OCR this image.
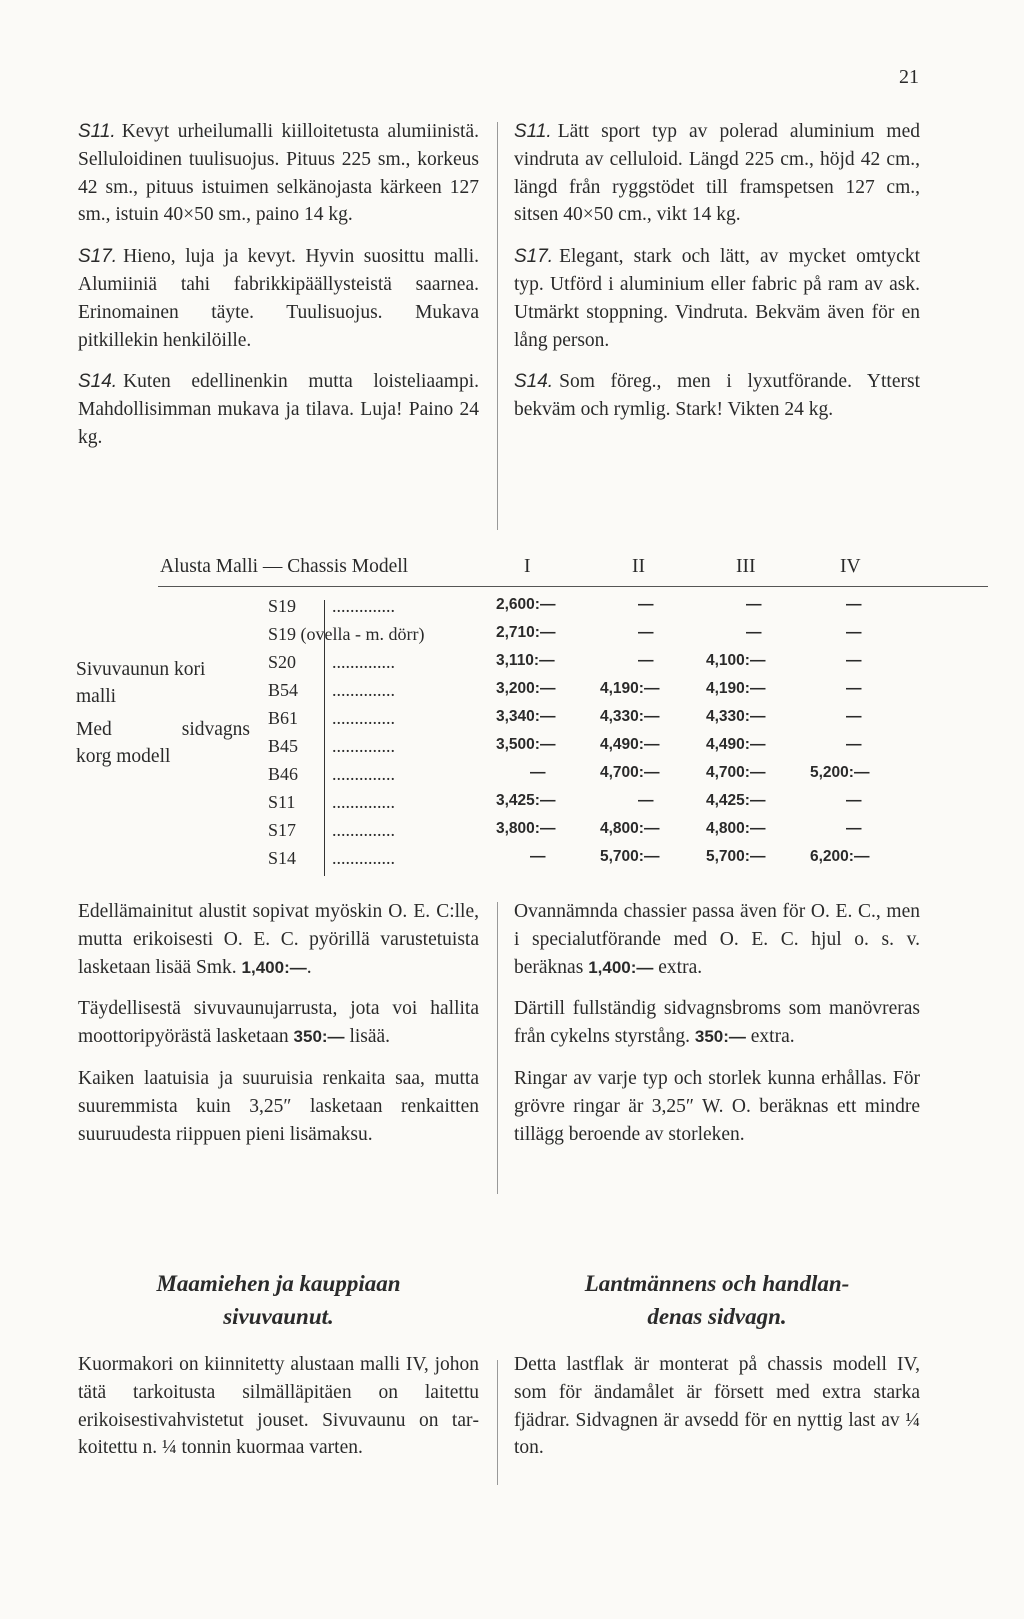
21

S11. Kevyt urheilumalli kiilloitetusta alumiinistä. Selluloidinen tuulisuojus. Pituus 225 sm., korkeus 42 sm., pituus istuimen selkänojasta kärkeen 127 sm., istuin 40×50 sm., paino 14 kg.

S17. Hieno, luja ja kevyt. Hyvin suosittu malli. Alumiiniä tahi fabrikkipäällysteistä saarnea. Erinomainen täyte. Tuulisuojus. Mukava pitkillekin henkilöille.

S14. Kuten edellinenkin mutta loisteliaampi. Mahdollisimman mukava ja tilava. Luja! Paino 24 kg.

S11. Lätt sport typ av polerad aluminium med vindruta av celluloid. Längd 225 cm., höjd 42 cm., längd från ryggstödet till framspetsen 127 cm., sitsen 40×50 cm., vikt 14 kg.

S17. Elegant, stark och lätt, av mycket omtyckt typ. Utförd i aluminium eller fabric på ram av ask. Utmärkt stoppning. Vindruta. Bekväm även för en lång person.

S14. Som föreg., men i lyxutförande. Ytterst bekväm och rymlig. Stark! Vikten 24 kg.

Alusta Malli — Chassis Modell	I	II	III	IV
Sivuvaunun kori
malli
Med sidvagns
korg modell
S19 ..............	2,600:—	—	—	—
S19 (ovella - m. dörr)	2,710:—	—	—	—
S20 ..............	3,110:—	—	4,100:—	—
B54 ..............	3,200:—	4,190:—	4,190:—	—
B61 ..............	3,340:—	4,330:—	4,330:—	—
B45 ..............	3,500:—	4,490:—	4,490:—	—
B46 ..............	—	4,700:—	4,700:—	5,200:—
S11 ..............	3,425:—	—	4,425:—	—
S17 ..............	3,800:—	4,800:—	4,800:—	—
S14 ..............	—	5,700:—	5,700:—	6,200:—

Edellämainitut alustit sopivat myöskin O. E. C:lle, mutta erikoisesti O. E. C. pyörillä varustetuista lasketaan lisää Smk. 1,400:—.

Täydellisestä sivuvaunujarrusta, jota voi hallita moottoripyörästä lasketaan 350:— lisää.

Kaiken laatuisia ja suuruisia renkaita saa, mutta suuremmista kuin 3,25″ lasketaan renkaitten suuruudesta riippuen pieni lisämaksu.

Ovannämnda chassier passa även för O. E. C., men i specialutförande med O. E. C. hjul o. s. v. beräknas 1,400:— extra.

Därtill fullständig sidvagnsbroms som manövreras från cykelns styrstång. 350:— extra.

Ringar av varje typ och storlek kunna erhållas. För grövre ringar är 3,25″ W. O. beräknas ett mindre tillägg beroende av storleken.

Maamiehen ja kauppiaan sivuvaunut.

Kuormakori on kiinnitetty alustaan malli IV, johon tätä tarkoitusta silmälläpitäen on laitettu erikoisestivahvistetut jouset. Sivuvaunu on tarkoitettu n. ¼ tonnin kuormaa varten.

Lantmännens och handlandenas sidvagn.

Detta lastflak är monterat på chassis modell IV, som för ändamålet är försett med extra starka fjädrar. Sidvagnen är avsedd för en nyttig last av ¼ ton.
